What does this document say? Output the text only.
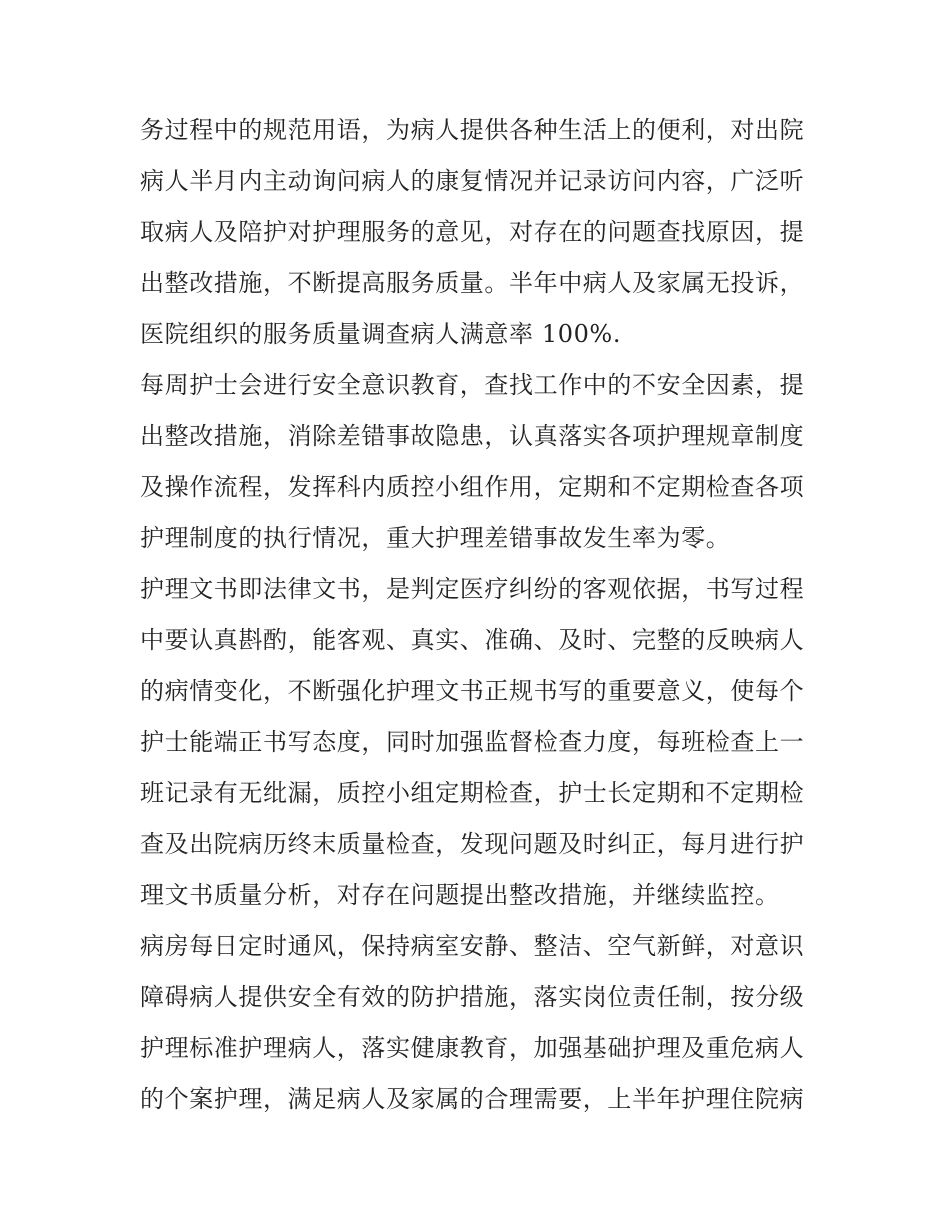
务过程中的规范用语，为病人提供各种生活上的便利，对出院
病人半月内主动询问病人的康复情况并记录访问内容，广泛听
取病人及陪护对护理服务的意见，对存在的问题查找原因，提
出整改措施，不断提高服务质量。半年中病人及家属无投诉，
医院组织的服务质量调查病人满意率 100%.
每周护士会进行安全意识教育，查找工作中的不安全因素，提
出整改措施，消除差错事故隐患，认真落实各项护理规章制度
及操作流程，发挥科内质控小组作用，定期和不定期检查各项
护理制度的执行情况，重大护理差错事故发生率为零。
护理文书即法律文书，是判定医疗纠纷的客观依据，书写过程
中要认真斟酌，能客观、真实、准确、及时、完整的反映病人
的病情变化，不断强化护理文书正规书写的重要意义，使每个
护士能端正书写态度，同时加强监督检查力度，每班检查上一
班记录有无纰漏，质控小组定期检查，护士长定期和不定期检
查及出院病历终末质量检查，发现问题及时纠正，每月进行护
理文书质量分析，对存在问题提出整改措施，并继续监控。
病房每日定时通风，保持病室安静、整洁、空气新鲜，对意识
障碍病人提供安全有效的防护措施，落实岗位责任制，按分级
护理标准护理病人，落实健康教育，加强基础护理及重危病人
的个案护理，满足病人及家属的合理需要，上半年护理住院病
